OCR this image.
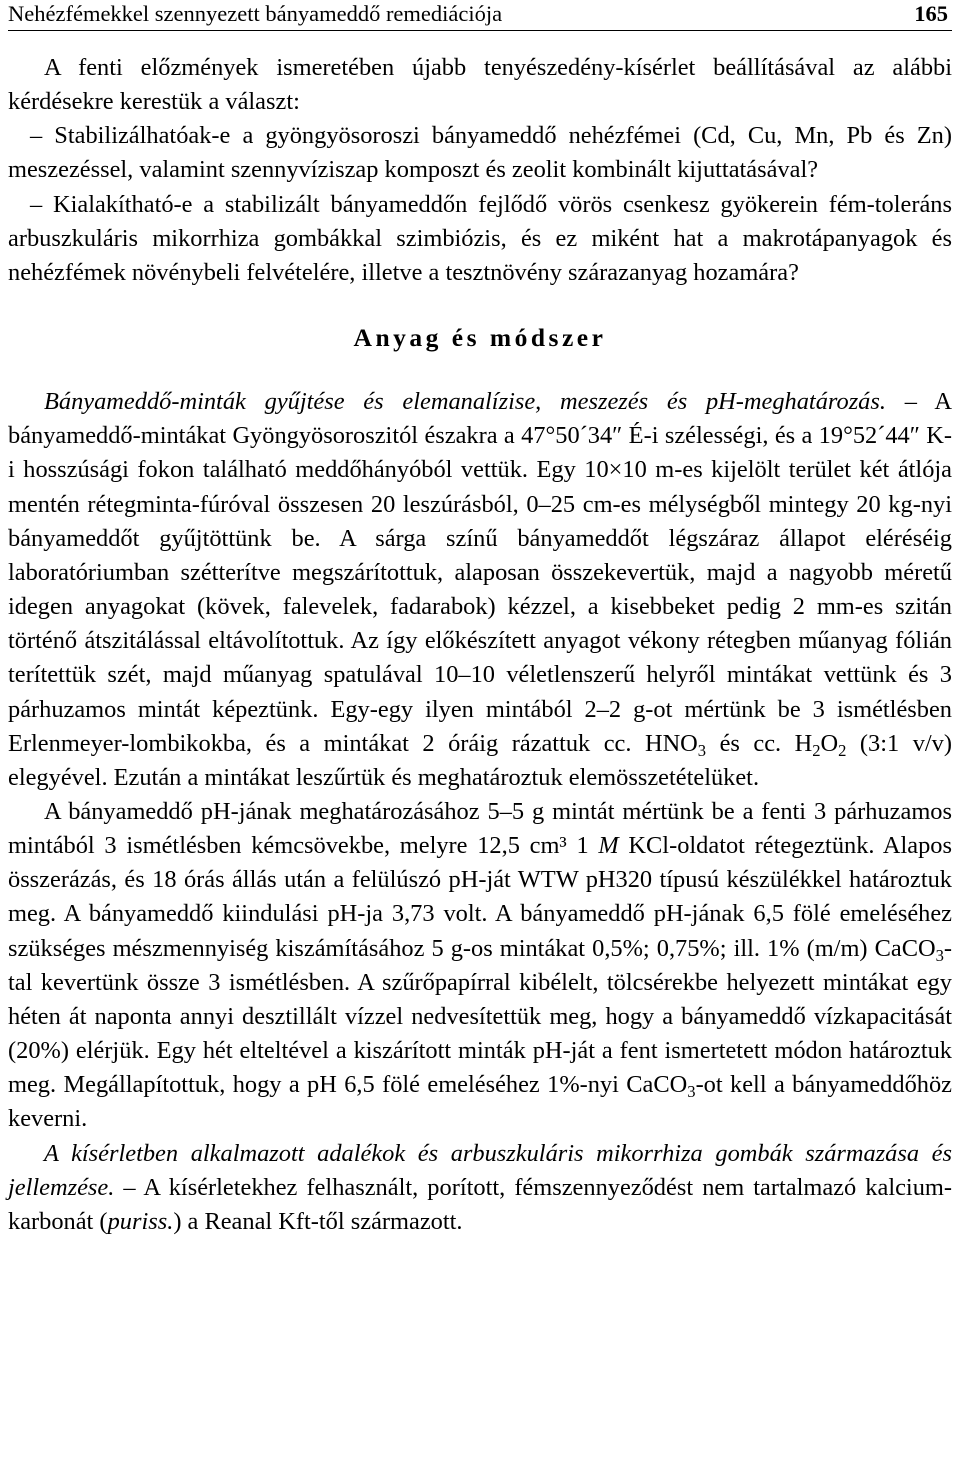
Nehézfémekkel szennyezett bányameddő remediációja	165

A fenti előzmények ismeretében újabb tenyészedény-kísérlet beállításával az alábbi kérdésekre kerestük a választ:

– Stabilizálhatóak-e a gyöngyösoroszi bányameddő nehézfémei (Cd, Cu, Mn, Pb és Zn) meszezéssel, valamint szennyvíziszap komposzt és zeolit kombinált kijuttatásával?

– Kialakítható-e a stabilizált bányameddőn fejlődő vörös csenkesz gyökerein fém-toleráns arbuszkuláris mikorrhiza gombákkal szimbiózis, és ez miként hat a makrotápanyagok és nehézfémek növénybeli felvételére, illetve a tesztnövény szárazanyag hozamára?

Anyag és módszer

Bányameddő-minták gyűjtése és elemanalízise, meszezés és pH-meghatározás. – A bányameddő-mintákat Gyöngyösoroszitól északra a 47°50´34″ É-i szélességi, és a 19°52´44″ K-i hosszúsági fokon található meddőhányóból vettük. Egy 10×10 m-es kijelölt terület két átlója mentén rétegminta-fúróval összesen 20 leszúrásból, 0–25 cm-es mélységből mintegy 20 kg-nyi bányameddőt gyűjtöttünk be. A sárga színű bányameddőt légszáraz állapot eléréséig laboratóriumban szétterítve megszárítottuk, alaposan összekevertük, majd a nagyobb méretű idegen anyagokat (kövek, falevelek, fadarabok) kézzel, a kisebbeket pedig 2 mm-es szitán történő átszitálással eltávolítottuk. Az így előkészített anyagot vékony rétegben műanyag fólián terítettük szét, majd műanyag spatulával 10–10 véletlenszerű helyről mintákat vettünk és 3 párhuzamos mintát képeztünk. Egy-egy ilyen mintából 2–2 g-ot mértünk be 3 ismétlésben Erlenmeyer-lombikokba, és a mintákat 2 óráig rázattuk cc. $HNO_3$ és cc. $H_2O_2$ (3:1 v/v) elegyével. Ezután a mintákat leszűrtük és meghatároztuk elemösszetételüket.

A bányameddő pH-jának meghatározásához 5–5 g mintát mértünk be a fenti 3 párhuzamos mintából 3 ismétlésben kémcsövekbe, melyre 12,5 cm³ 1 M KCl-oldatot rétegeztünk. Alapos összerázás, és 18 órás állás után a felülúszó pH-ját WTW pH320 típusú készülékkel határoztuk meg. A bányameddő kiindulási pH-ja 3,73 volt. A bányameddő pH-jának 6,5 fölé emeléséhez szükséges mészmennyiség kiszámításához 5 g-os mintákat 0,5%; 0,75%; ill. 1% (m/m) CaCO$_3$-tal kevertünk össze 3 ismétlésben. A szűrőpapírral kibélelt, tölcsérekbe helyezett mintákat egy héten át naponta annyi desztillált vízzel nedvesítettük meg, hogy a bányameddő vízkapacitását (20%) elérjük. Egy hét elteltével a kiszárított minták pH-ját a fent ismertetett módon határoztuk meg. Megállapítottuk, hogy a pH 6,5 fölé emeléséhez 1%-nyi CaCO$_3$-ot kell a bányameddőhöz keverni.

A kísérletben alkalmazott adalékok és arbuszkuláris mikorrhiza gombák származása és jellemzése. – A kísérletekhez felhasznált, porított, fémszennyeződést nem tartalmazó kalcium-karbonát (puriss.) a Reanal Kft-től származott.
